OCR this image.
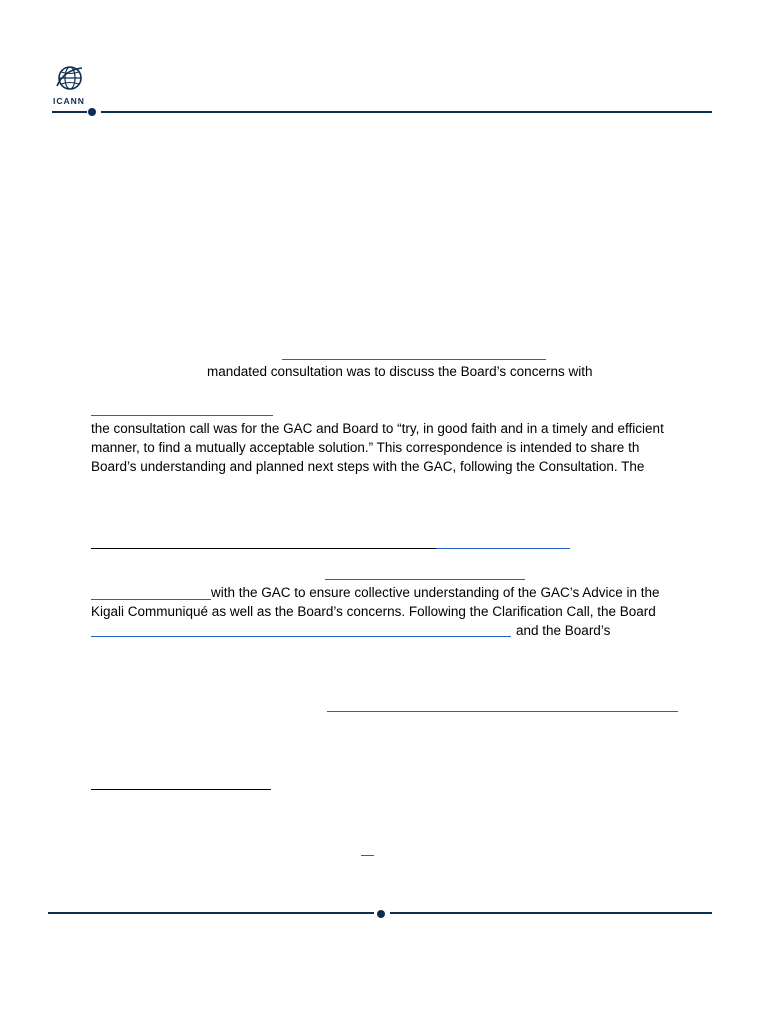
ICANN
mandated consultation was to discuss the Board’s concerns with
the consultation call was for the GAC and Board to “try, in good faith and in a timely and efficient
manner, to find a mutually acceptable solution.” This correspondence is intended to share th
Board’s understanding and planned next steps with the GAC, following the Consultation. The
with the GAC to ensure collective understanding of the GAC’s Advice in the
Kigali Communiqué as well as the Board’s concerns. Following the Clarification Call, the Board
and the Board’s
